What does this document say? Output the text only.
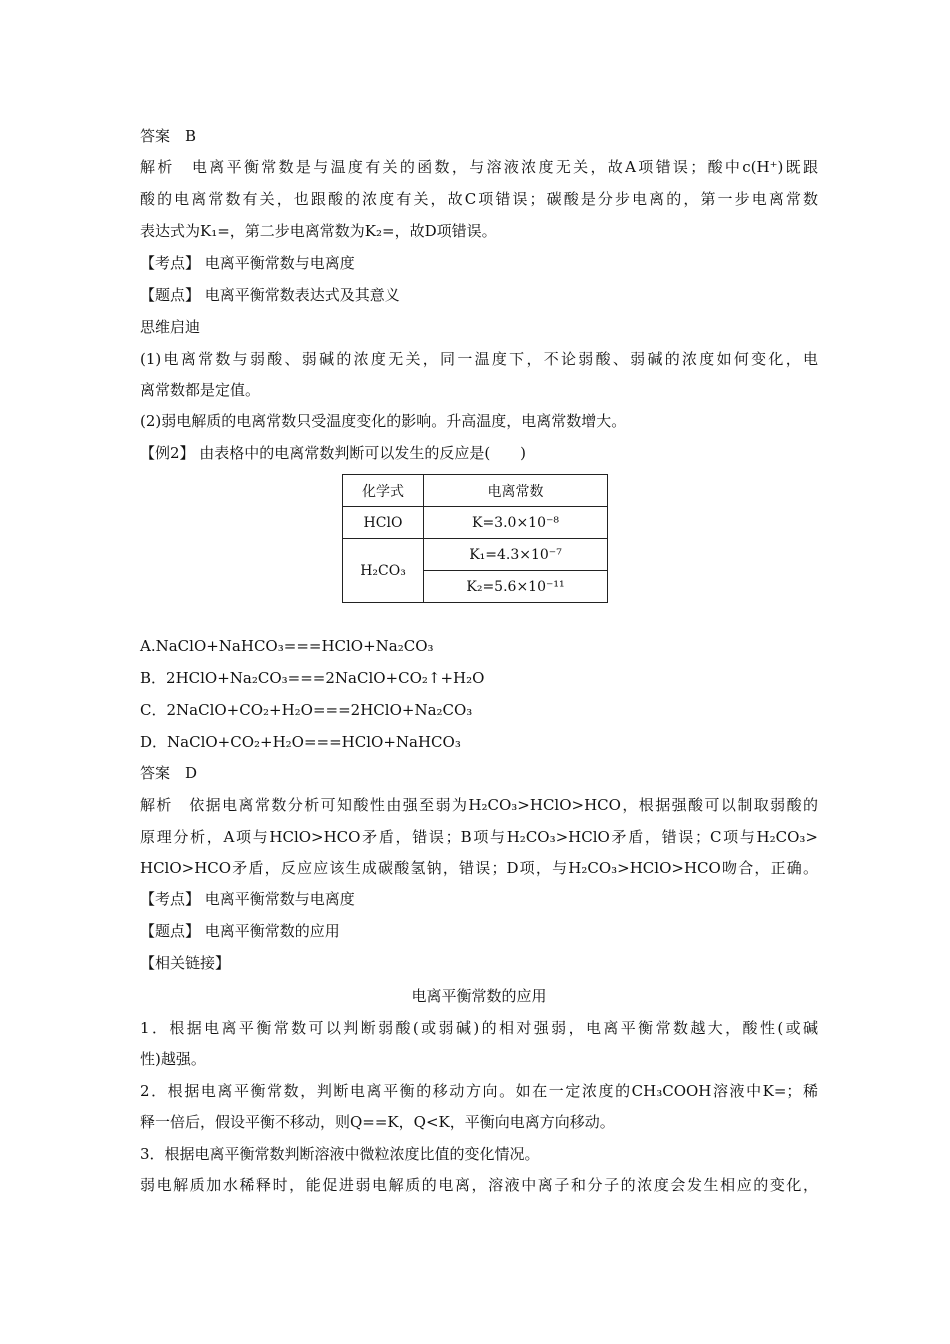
答案　B
解析　电离平衡常数是与温度有关的函数，与溶液浓度无关，故A项错误；酸中c(H⁺)既跟
酸的电离常数有关，也跟酸的浓度有关，故C项错误；碳酸是分步电离的，第一步电离常数
表达式为K₁=，第二步电离常数为K₂=，故D项错误。
【考点】 电离平衡常数与电离度
【题点】 电离平衡常数表达式及其意义
思维启迪
(1)电离常数与弱酸、弱碱的浓度无关，同一温度下，不论弱酸、弱碱的浓度如何变化，电
离常数都是定值。
(2)弱电解质的电离常数只受温度变化的影响。升高温度，电离常数增大。
【例2】 由表格中的电离常数判断可以发生的反应是(　　)
化学式	电离常数
HClO	K=3.0×10⁻⁸
H₂CO₃	K₁=4.3×10⁻⁷
	K₂=5.6×10⁻¹¹
A.NaClO+NaHCO₃===HClO+Na₂CO₃
B．2HClO+Na₂CO₃===2NaClO+CO₂↑+H₂O
C．2NaClO+CO₂+H₂O===2HClO+Na₂CO₃
D．NaClO+CO₂+H₂O===HClO+NaHCO₃
答案　D
解析　依据电离常数分析可知酸性由强至弱为H₂CO₃>HClO>HCO，根据强酸可以制取弱酸的
原理分析，A项与HClO>HCO矛盾，错误；B项与H₂CO₃>HClO矛盾，错误；C项与H₂CO₃>
HClO>HCO矛盾，反应应该生成碳酸氢钠，错误；D项，与H₂CO₃>HClO>HCO吻合，正确。
【考点】 电离平衡常数与电离度
【题点】 电离平衡常数的应用
【相关链接】
电离平衡常数的应用
1．根据电离平衡常数可以判断弱酸(或弱碱)的相对强弱，电离平衡常数越大，酸性(或碱
性)越强。
2．根据电离平衡常数，判断电离平衡的移动方向。如在一定浓度的CH₃COOH溶液中K=；稀
释一倍后，假设平衡不移动，则Q==K，Q<K，平衡向电离方向移动。
3．根据电离平衡常数判断溶液中微粒浓度比值的变化情况。
弱电解质加水稀释时，能促进弱电解质的电离，溶液中离子和分子的浓度会发生相应的变化，
